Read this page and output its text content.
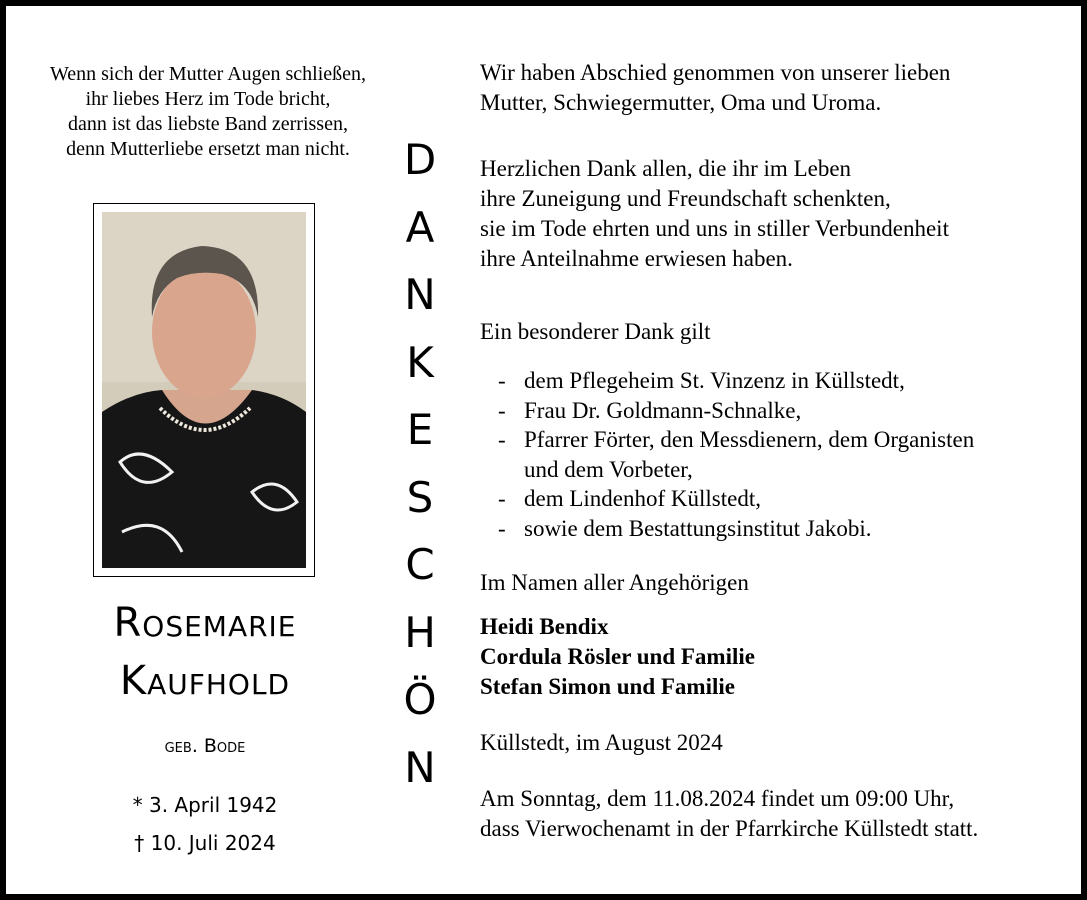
Wenn sich der Mutter Augen schließen,
ihr liebes Herz im Tode bricht,
dann ist das liebste Band zerrissen,
denn Mutterliebe ersetzt man nicht.
Rosemarie
Kaufhold
geb. Bode
* 3. April 1942
† 10. Juli 2024
D
A
N
K
E
S
C
H
Ö
N
Wir haben Abschied genommen von unserer lieben
Mutter, Schwiegermutter, Oma und Uroma.
Herzlichen Dank allen, die ihr im Leben
ihre Zuneigung und Freundschaft schenkten,
sie im Tode ehrten und uns in stiller Verbundenheit
ihre Anteilnahme erwiesen haben.
Ein besonderer Dank gilt
- dem Pflegeheim St. Vinzenz in Küllstedt,
- Frau Dr. Goldmann-Schnalke,
- Pfarrer Förter, den Messdienern, dem Organisten
und dem Vorbeter,
- dem Lindenhof Küllstedt,
- sowie dem Bestattungsinstitut Jakobi.
Im Namen aller Angehörigen
Heidi Bendix
Cordula Rösler und Familie
Stefan Simon und Familie
Küllstedt, im August 2024
Am Sonntag, dem 11.08.2024 findet um 09:00 Uhr,
dass Vierwochenamt in der Pfarrkirche Küllstedt statt.
